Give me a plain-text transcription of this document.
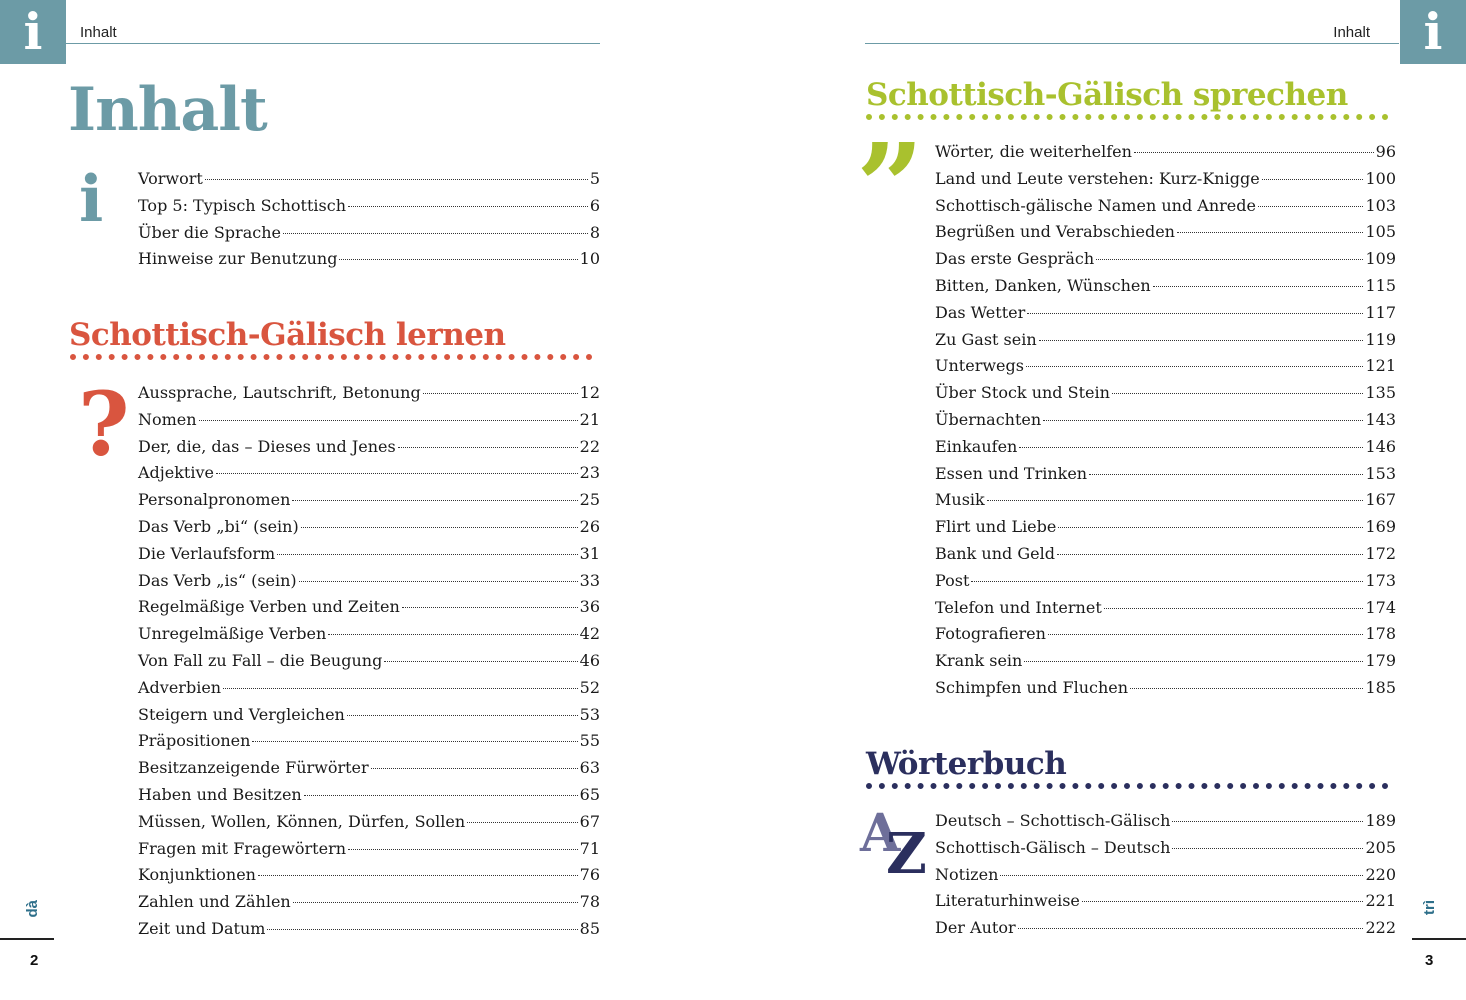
i	Inhalt
Inhalt
i Vorwort	5
Top 5: Typisch Schottisch	6
Über die Sprache	8
Hinweise zur Benutzung	10
Schottisch-Gälisch lernen
? Aussprache, Lautschrift, Betonung	12
Nomen	21
Der, die, das – Dieses und Jenes	22
Adjektive	23
Personalpronomen	25
Das Verb „bi“ (sein)	26
Die Verlaufsform	31
Das Verb „is“ (sein)	33
Regelmäßige Verben und Zeiten	36
Unregelmäßige Verben	42
Von Fall zu Fall – die Beugung	46
Adverbien	52
Steigern und Vergleichen	53
Präpositionen	55
Besitzanzeigende Fürwörter	63
Haben und Besitzen	65
Müssen, Wollen, Können, Dürfen, Sollen	67
Fragen mit Fragewörtern	71
Konjunktionen	76
Zahlen und Zählen	78
Zeit und Datum	85
dà
2
i
Inhalt
Schottisch-Gälisch sprechen
” Wörter, die weiterhelfen	96
Land und Leute verstehen: Kurz-Knigge	100
Schottisch-gälische Namen und Anrede	103
Begrüßen und Verabschieden	105
Das erste Gespräch	109
Bitten, Danken, Wünschen	115
Das Wetter	117
Zu Gast sein	119
Unterwegs	121
Über Stock und Stein	135
Übernachten	143
Einkaufen	146
Essen und Trinken	153
Musik	167
Flirt und Liebe	169
Bank und Geld	172
Post	173
Telefon und Internet	174
Fotografieren	178
Krank sein	179
Schimpfen und Fluchen	185
Wörterbuch
A
Z
Deutsch – Schottisch-Gälisch	189
Schottisch-Gälisch – Deutsch	205
Notizen	220
Literaturhinweise	221
Der Autor	222
trì
3
